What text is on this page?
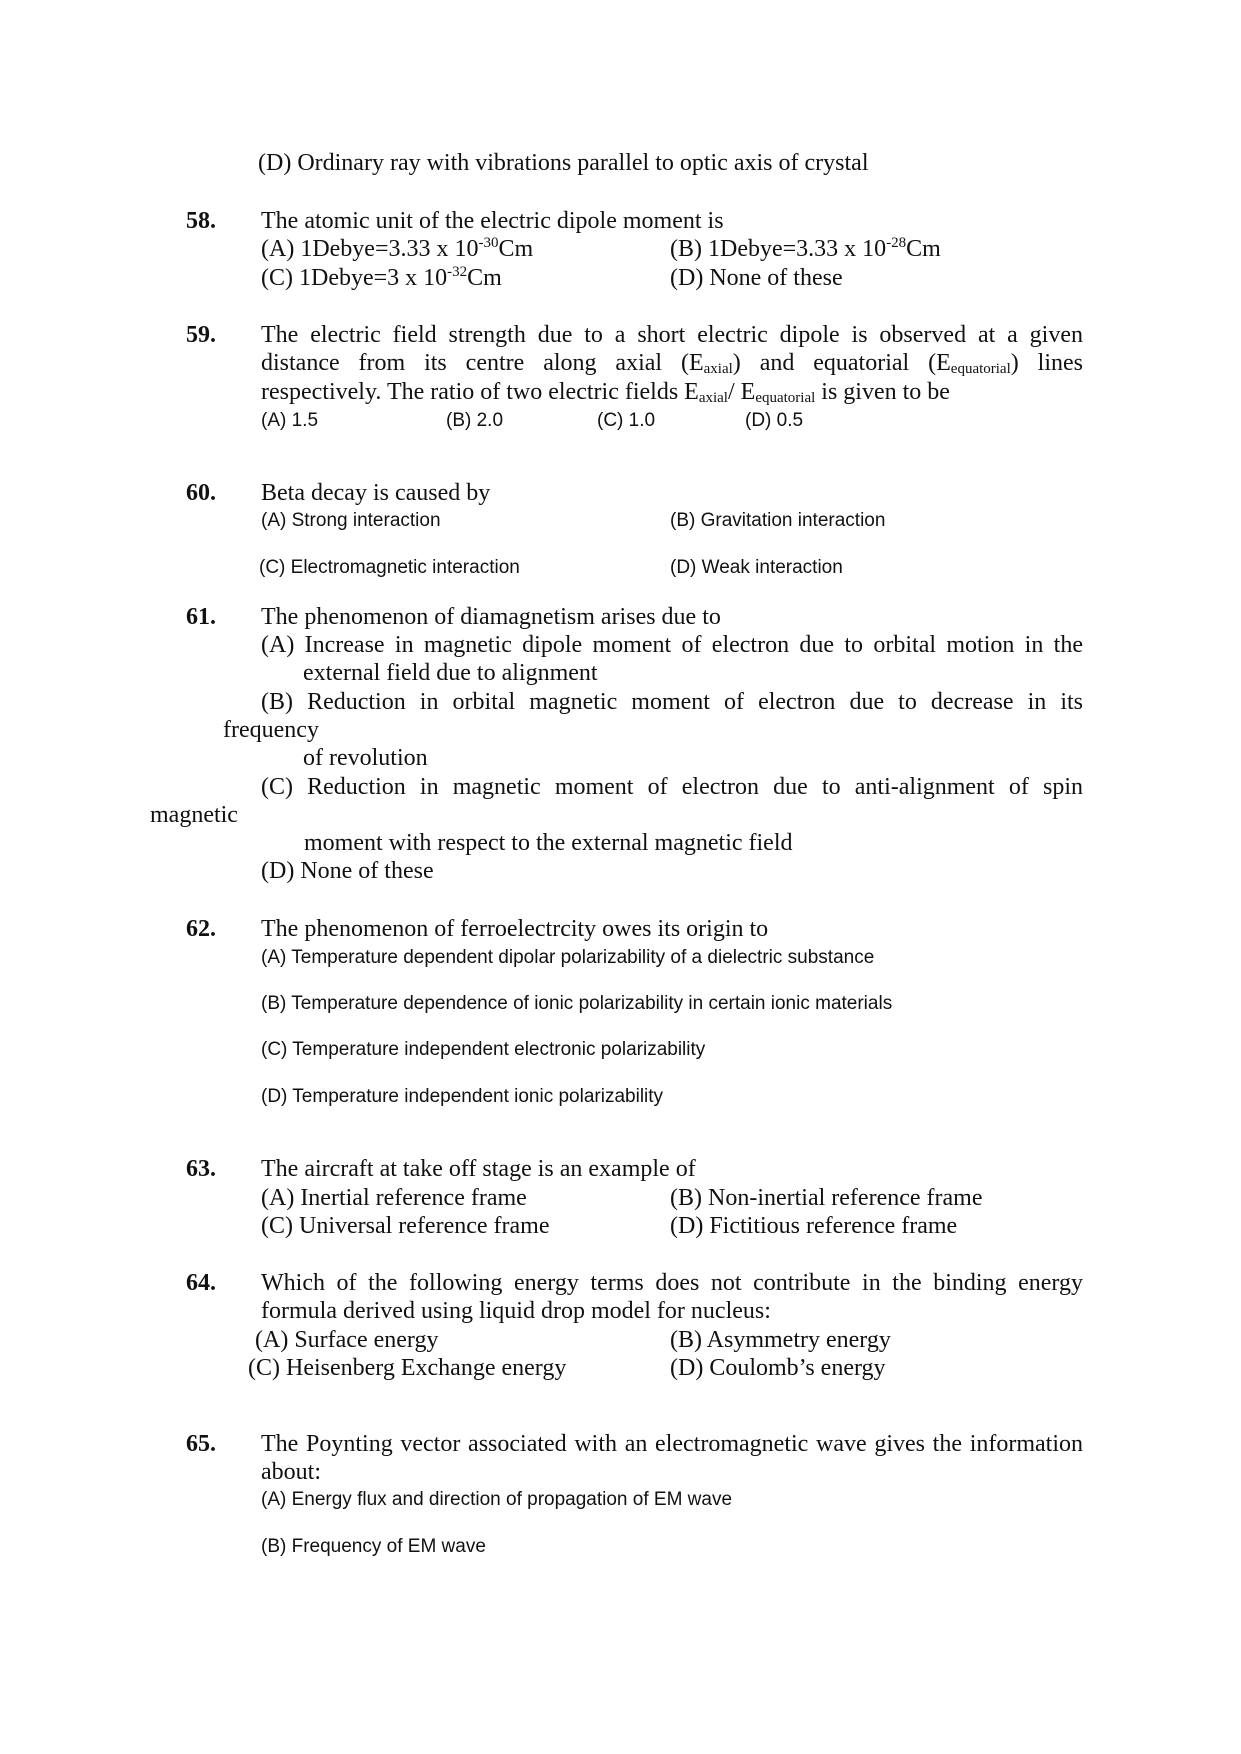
(D) Ordinary ray with vibrations parallel to optic axis of crystal
58. The atomic unit of the electric dipole moment is
(A) 1Debye=3.33 x $10^{-30}Cm$	(B) 1Debye=3.33 x $10^{-28}Cm$
(C) 1Debye=3 x $10^{-32}Cm$	(D) None of these
59. The electric field strength due to a short electric dipole is observed at a given
distance from its centre along axial $(E_{axial})$ and equatorial $(E_{equatorial})$ lines
respectively. The ratio of two electric fields $E_{axial}/$ $E_{equatorial}$ is given to be
(A) 1.5	(B) 2.0	(C) 1.0	(D) 0.5
60. Beta decay is caused by
(A) Strong interaction	(B) Gravitation interaction
(C) Electromagnetic interaction	(D) Weak interaction
61. The phenomenon of diamagnetism arises due to
(A) Increase in magnetic dipole moment of electron due to orbital motion in the
external field due to alignment
(B) Reduction in orbital magnetic moment of electron due to decrease in its
frequency
of revolution
(C) Reduction in magnetic moment of electron due to anti-alignment of spin
magnetic
moment with respect to the external magnetic field
(D) None of these
62. The phenomenon of ferroelectrcity owes its origin to
(A) Temperature dependent dipolar polarizability of a dielectric substance
(B) Temperature dependence of ionic polarizability in certain ionic materials
(C) Temperature independent electronic polarizability
(D) Temperature independent ionic polarizability
63. The aircraft at take off stage is an example of
(A) Inertial reference frame	(B) Non-inertial reference frame
(C) Universal reference frame	(D) Fictitious reference frame
64. Which of the following energy terms does not contribute in the binding energy
formula derived using liquid drop model for nucleus:
(A) Surface energy	(B) Asymmetry energy
(C) Heisenberg Exchange energy	(D) Coulomb’s energy
65. The Poynting vector associated with an electromagnetic wave gives the information
about:
(A) Energy flux and direction of propagation of EM wave
(B) Frequency of EM wave
